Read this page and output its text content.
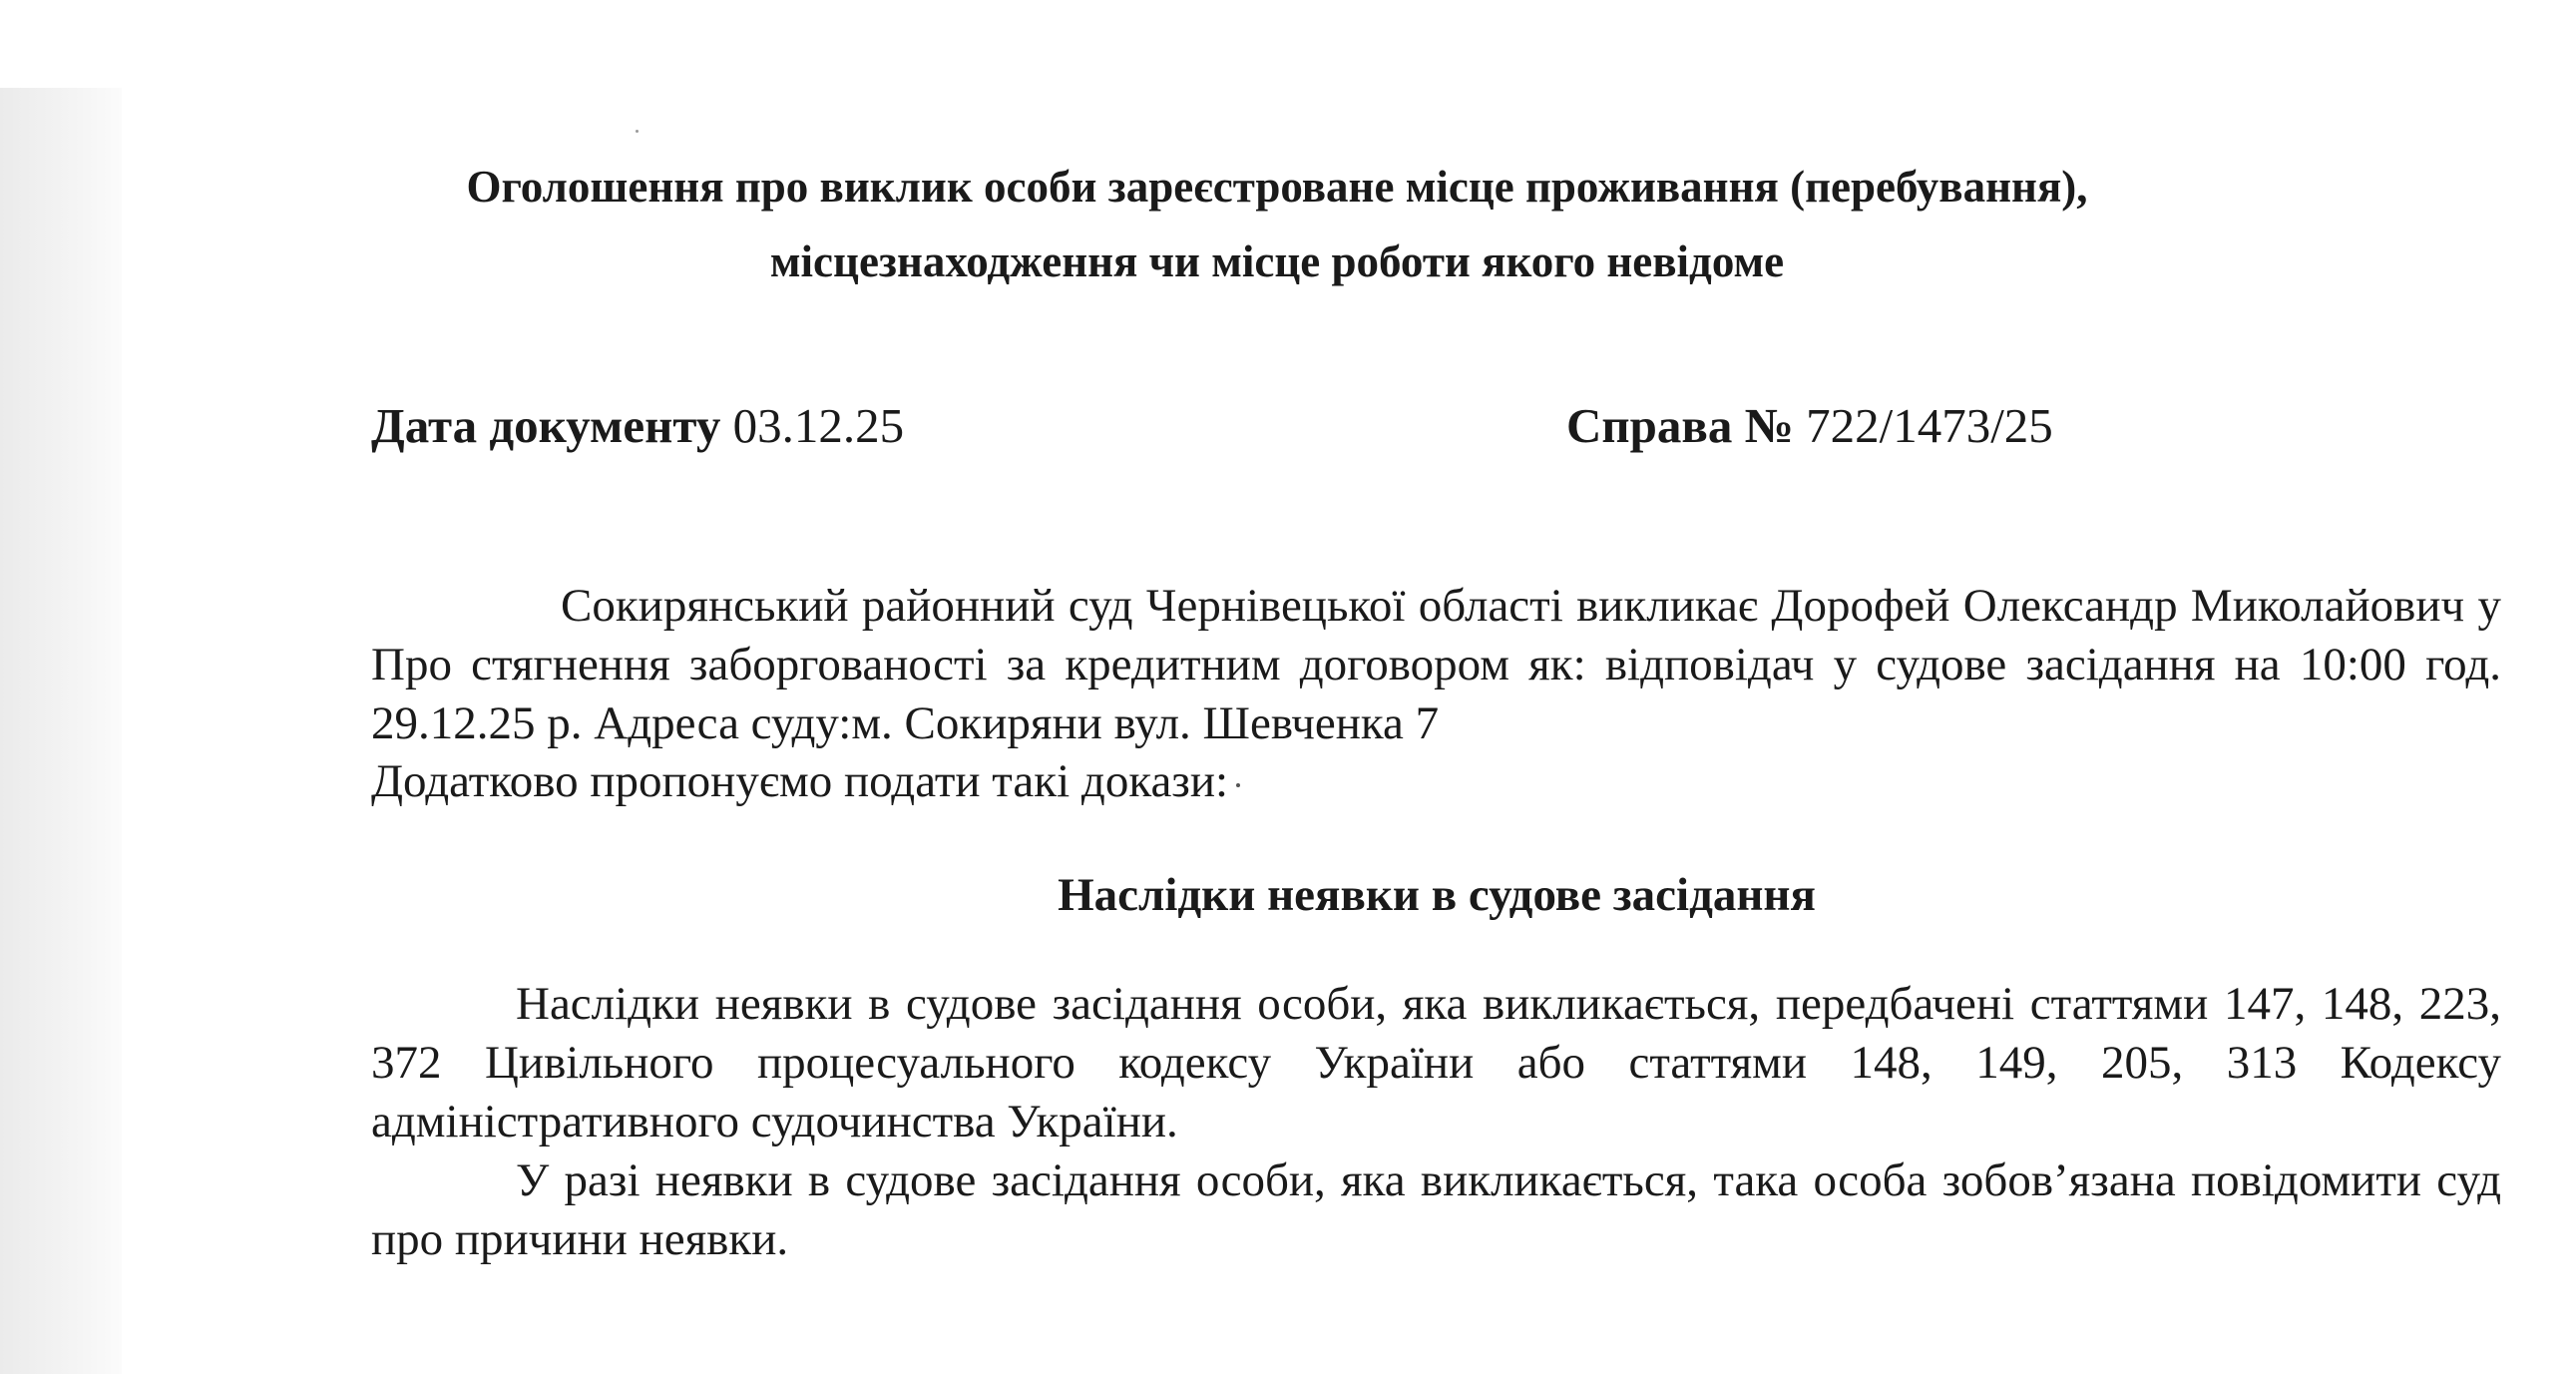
Оголошення про виклик особи зареєстроване місце проживання (перебування),
місцезнаходження чи місце роботи якого невідоме
Дата документу 03.12.25	Справа № 722/1473/25
Сокирянський районний суд Чернівецької області викликає Дорофей Олександр Миколайович у Про стягнення заборгованості за кредитним договором як: відповідач у судове засідання на 10:00 год. 29.12.25 р. Адреса суду:м. Сокиряни вул. Шевченка 7
Додатково пропонуємо подати такі докази:
Наслідки неявки в судове засідання
Наслідки неявки в судове засідання особи, яка викликається, передбачені статтями 147, 148, 223, 372 Цивільного процесуального кодексу України або статтями 148, 149, 205, 313 Кодексу адміністративного судочинства України.
У разі неявки в судове засідання особи, яка викликається, така особа зобов’язана повідомити суд про причини неявки.
